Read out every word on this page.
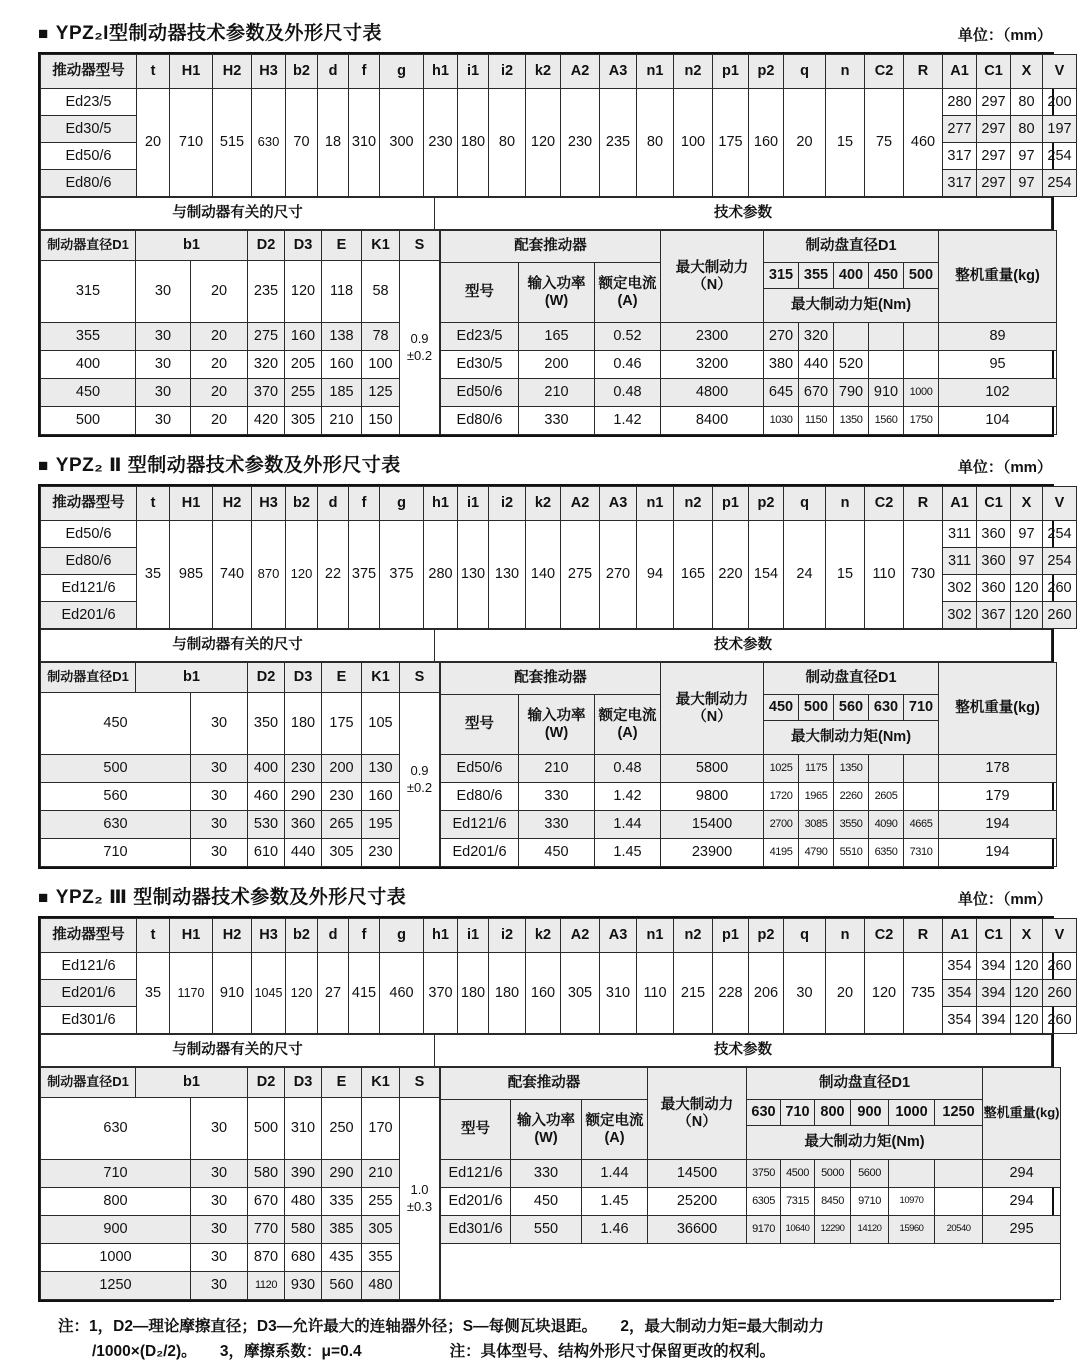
■ YPZ₂I型制动器技术参数及外形尺寸表	单位：（mm）
推动器型号	t	H1	H2	H3	b2	d	f	g	h1	i1	i2	k2	A2	A3	n1	n2	p1	p2	q	n	C2	R	A1	C1	X	V
Ed23/5	20	710	515	630	70	18	310	300	230	180	80	120	230	235	80	100	175	160	20	15	75	460	280	297	80	200
Ed30/5																							277	297	80	197
Ed50/6																							317	297	97	254
Ed80/6																							317	297	97	254
与制动器有关的尺寸	技术参数
制动器直径D1	b1		D2	D3	E	K1	S
315	30	20	235	120	118	58	0.9
±0.2
355	30	20	275	160	138	78	
400	30	20	320	205	160	100	
450	30	20	370	255	185	125	
500	30	20	420	305	210	150	
配套推动器			最大制动力
（N）	制动盘直径D1					整机重量(kg)
型号	输入功率
(W)	额定电流
(A)		315	355	400	450	500	
				最大制动力矩(Nm)					
Ed23/5	165	0.52	2300	270	320				89
Ed30/5	200	0.46	3200	380	440	520			95
Ed50/6	210	0.48	4800	645	670	790	910	1000	102
Ed80/6	330	1.42	8400	1030	1150	1350	1560	1750	104
■ YPZ₂ Ⅱ 型制动器技术参数及外形尺寸表	单位：（mm）
推动器型号	t	H1	H2	H3	b2	d	f	g	h1	i1	i2	k2	A2	A3	n1	n2	p1	p2	q	n	C2	R	A1	C1	X	V
Ed50/6	35	985	740	870	120	22	375	375	280	130	130	140	275	270	94	165	220	154	24	15	110	730	311	360	97	254
Ed80/6																							311	360	97	254
Ed121/6																							302	360	120	260
Ed201/6																							302	367	120	260
与制动器有关的尺寸	技术参数
制动器直径D1	b1		D2	D3	E	K1	S
450		30	350	180	175	105	0.9
±0.2
500		30	400	230	200	130	
560		30	460	290	230	160	
630		30	530	360	265	195	
710		30	610	440	305	230	
配套推动器			最大制动力
（N）	制动盘直径D1					整机重量(kg)
型号	输入功率
(W)	额定电流
(A)		450	500	560	630	710	
				最大制动力矩(Nm)					
Ed50/6	210	0.48	5800	1025	1175	1350			178
Ed80/6	330	1.42	9800	1720	1965	2260	2605		179
Ed121/6	330	1.44	15400	2700	3085	3550	4090	4665	194
Ed201/6	450	1.45	23900	4195	4790	5510	6350	7310	194
■ YPZ₂ Ⅲ 型制动器技术参数及外形尺寸表	单位：（mm）
推动器型号	t	H1	H2	H3	b2	d	f	g	h1	i1	i2	k2	A2	A3	n1	n2	p1	p2	q	n	C2	R	A1	C1	X	V
Ed121/6	35	1170	910	1045	120	27	415	460	370	180	180	160	305	310	110	215	228	206	30	20	120	735	354	394	120	260
Ed201/6																							354	394	120	260
Ed301/6																							354	394	120	260
与制动器有关的尺寸	技术参数
制动器直径D1	b1		D2	D3	E	K1	S
630		30	500	310	250	170	1.0
±0.3
710		30	580	390	290	210	
800		30	670	480	335	255	
900		30	770	580	385	305	
1000		30	870	680	435	355	
1250		30	1120	930	560	480	
配套推动器			最大制动力
（N）	制动盘直径D1						整机重量(kg)
型号	输入功率
(W)	额定电流
(A)		630	710	800	900	1000	1250	
				最大制动力矩(Nm)						
Ed121/6	330	1.44	14500	3750	4500	5000	5600			294
Ed201/6	450	1.45	25200	6305	7315	8450	9710	10970		294
Ed301/6	550	1.46	36600	9170	10640	12290	14120	15960	20540	295

注：1，D2—理论摩擦直径；D3—允许最大的连轴器外径；S—每侧瓦块退距。　　2，最大制动力矩=最大制动力
/1000×(D₂/2)。　　3，摩擦系数：μ=0.4	注：具体型号、结构外形尺寸保留更改的权利。
